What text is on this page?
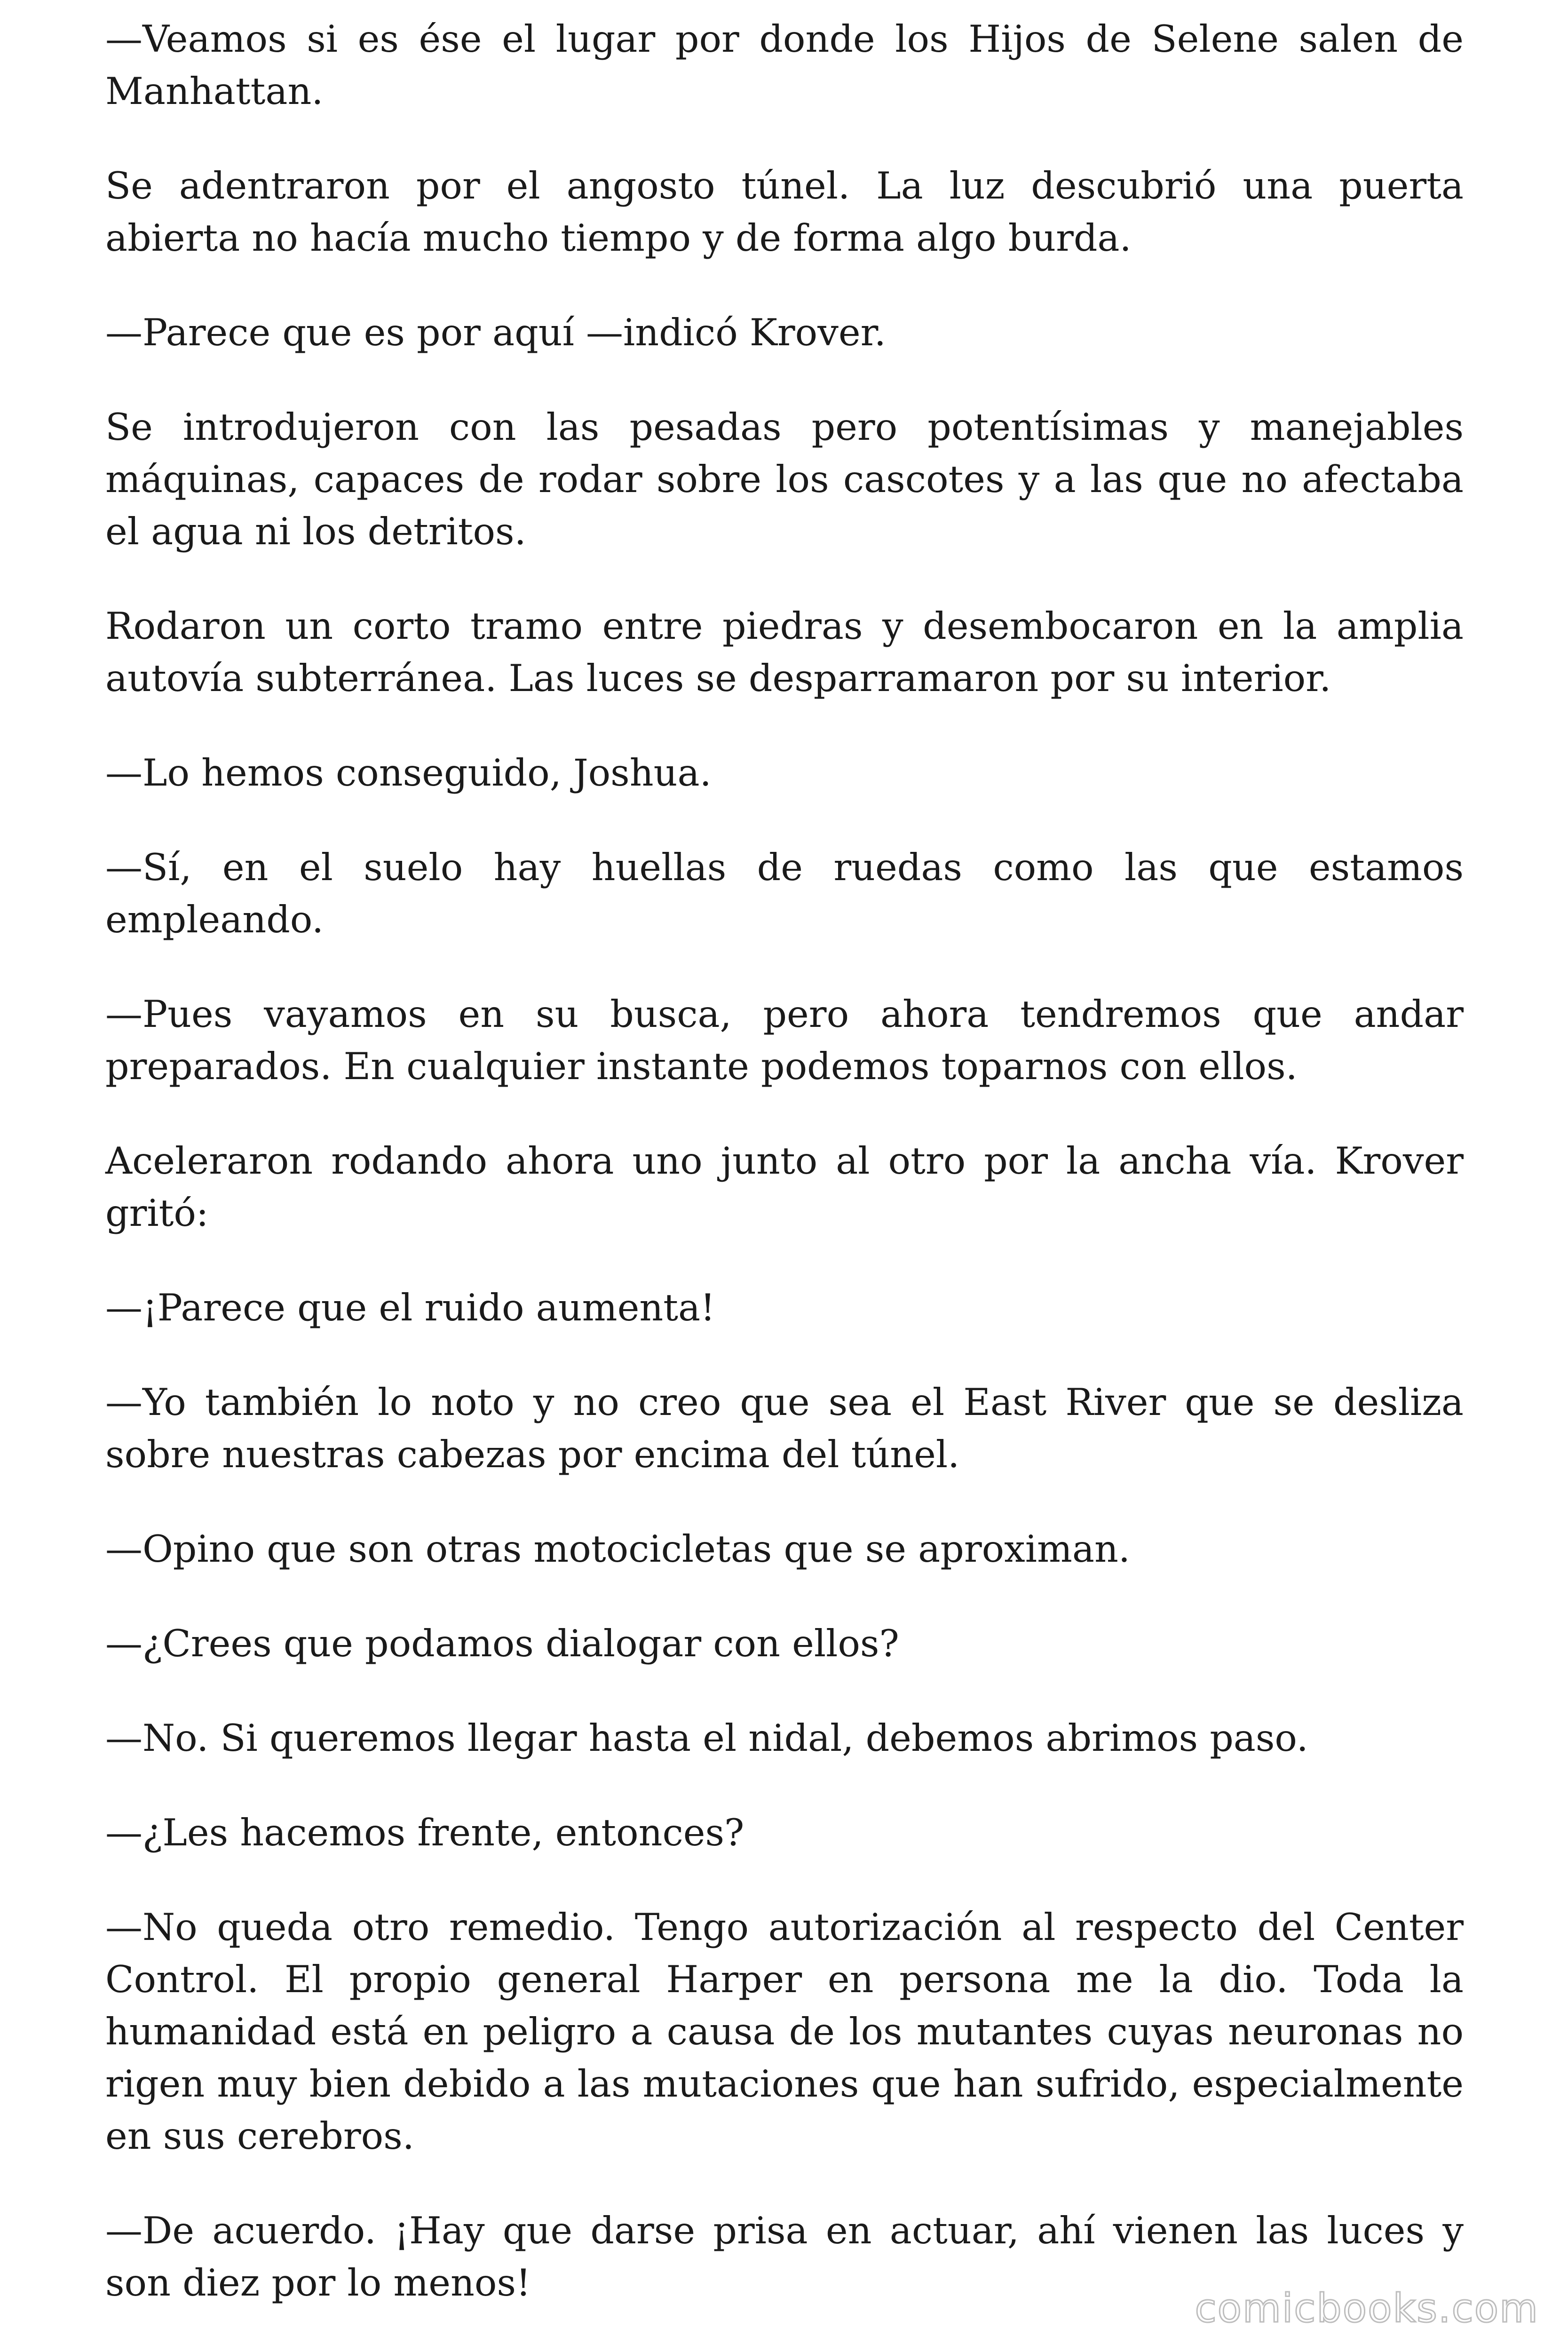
—Veamos si es ése el lugar por donde los Hijos de Selene salen de Manhattan.

Se adentraron por el angosto túnel. La luz descubrió una puerta abierta no hacía mucho tiempo y de forma algo burda.

—Parece que es por aquí —indicó Krover.

Se introdujeron con las pesadas pero potentísimas y manejables máquinas, capaces de rodar sobre los cascotes y a las que no afectaba el agua ni los detritos.

Rodaron un corto tramo entre piedras y desembocaron en la amplia autovía subterránea. Las luces se desparramaron por su interior.

—Lo hemos conseguido, Joshua.

—Sí, en el suelo hay huellas de ruedas como las que estamos empleando.

—Pues vayamos en su busca, pero ahora tendremos que andar preparados. En cualquier instante podemos toparnos con ellos.

Aceleraron rodando ahora uno junto al otro por la ancha vía. Krover gritó:

—¡Parece que el ruido aumenta!

—Yo también lo noto y no creo que sea el East River que se desliza sobre nuestras cabezas por encima del túnel.

—Opino que son otras motocicletas que se aproximan.

—¿Crees que podamos dialogar con ellos?

—No. Si queremos llegar hasta el nidal, debemos abrimos paso.

—¿Les hacemos frente, entonces?

—No queda otro remedio. Tengo autorización al respecto del Center Control. El propio general Harper en persona me la dio. Toda la humanidad está en peligro a causa de los mutantes cuyas neuronas no rigen muy bien debido a las mutaciones que han sufrido, especialmente en sus cerebros.

—De acuerdo. ¡Hay que darse prisa en actuar, ahí vienen las luces y son diez por lo menos!

comicbooks.com
